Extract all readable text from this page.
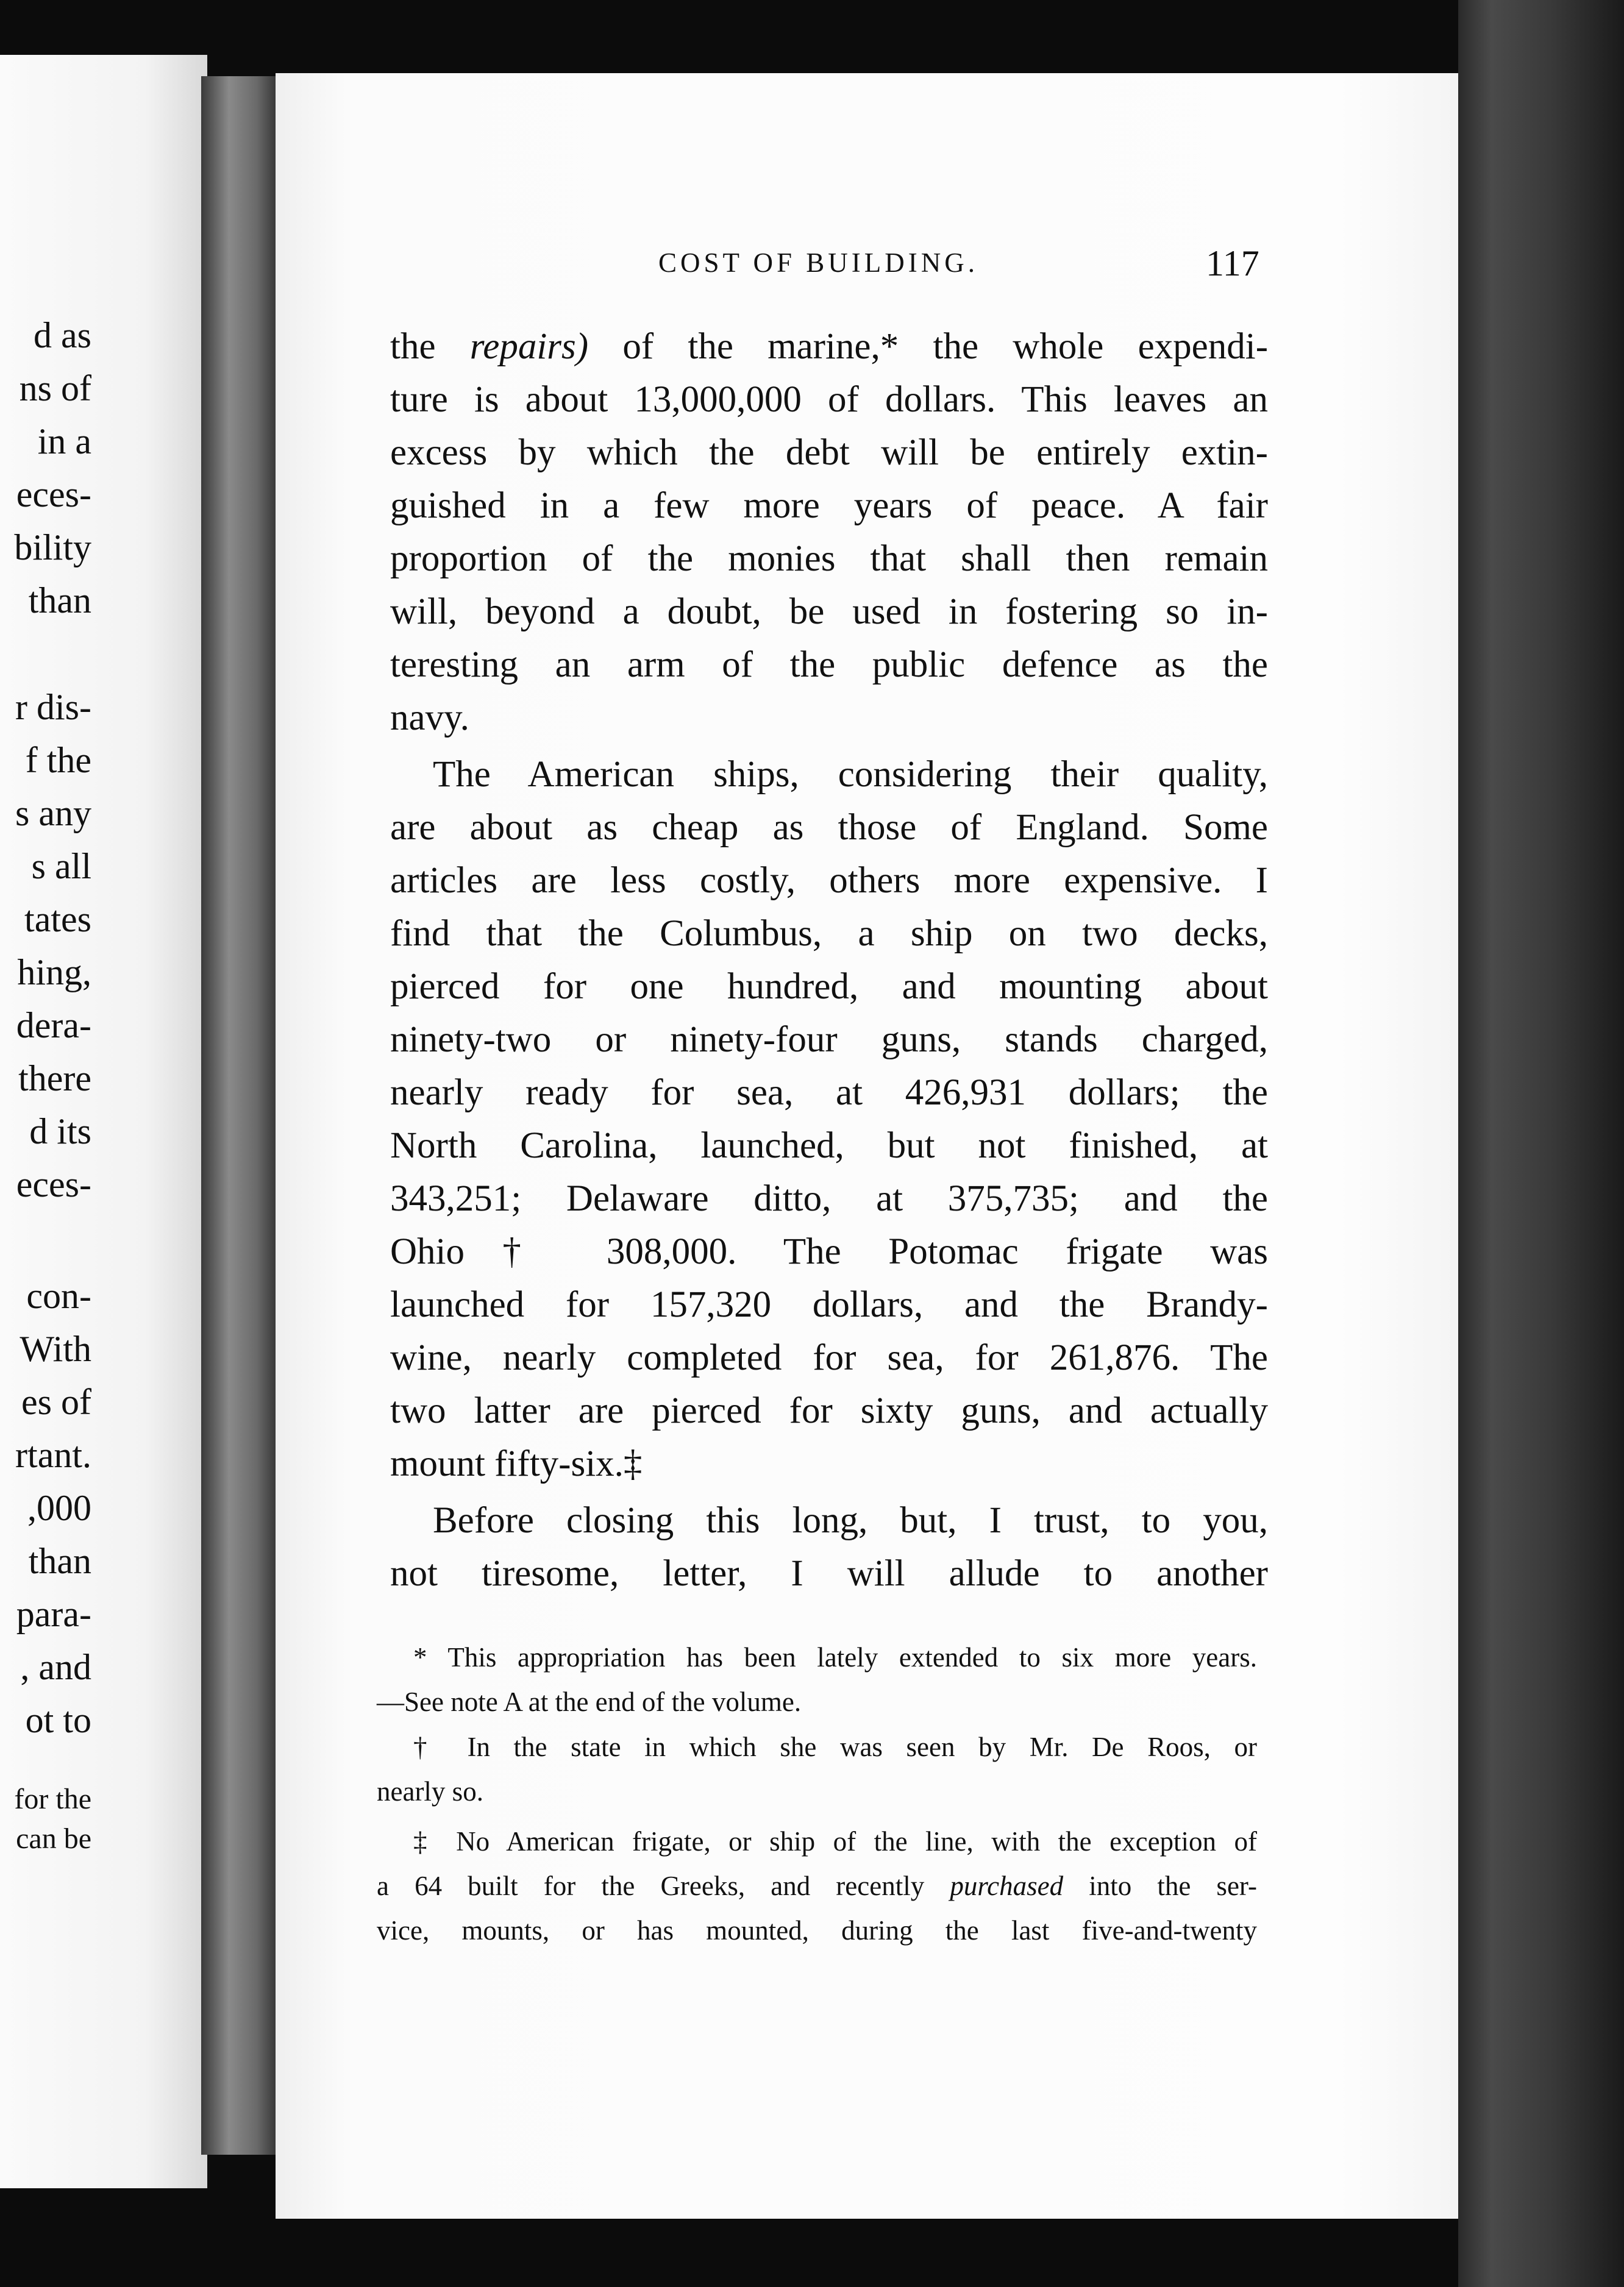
d as
ns of
in a
eces-
bility
than
r dis-
f the
s any
s all
tates
hing,
dera-
there
d its
eces-
con-
With
es of
rtant.
,000
than
para-
, and
ot to
for the
can be
COST OF BUILDING.	117
the repairs) of the marine,* the whole expendi-
ture is about 13,000,000 of dollars. This leaves an
excess by which the debt will be entirely extin-
guished in a few more years of peace. A fair
proportion of the monies that shall then remain
will, beyond a doubt, be used in fostering so in-
teresting an arm of the public defence as the
navy.
The American ships, considering their quality,
are about as cheap as those of England. Some
articles are less costly, others more expensive. I
find that the Columbus, a ship on two decks,
pierced for one hundred, and mounting about
ninety-two or ninety-four guns, stands charged,
nearly ready for sea, at 426,931 dollars; the
North Carolina, launched, but not finished, at
343,251; Delaware ditto, at 375,735; and the
Ohio† 308,000. The Potomac frigate was
launched for 157,320 dollars, and the Brandy-
wine, nearly completed for sea, for 261,876. The
two latter are pierced for sixty guns, and actually
mount fifty-six.‡
Before closing this long, but, I trust, to you,
not tiresome, letter, I will allude to another
* This appropriation has been lately extended to six more years.
—See note A at the end of the volume.
† In the state in which she was seen by Mr. De Roos, or
nearly so.
‡ No American frigate, or ship of the line, with the exception of
a 64 built for the Greeks, and recently purchased into the ser-
vice, mounts, or has mounted, during the last five-and-twenty
